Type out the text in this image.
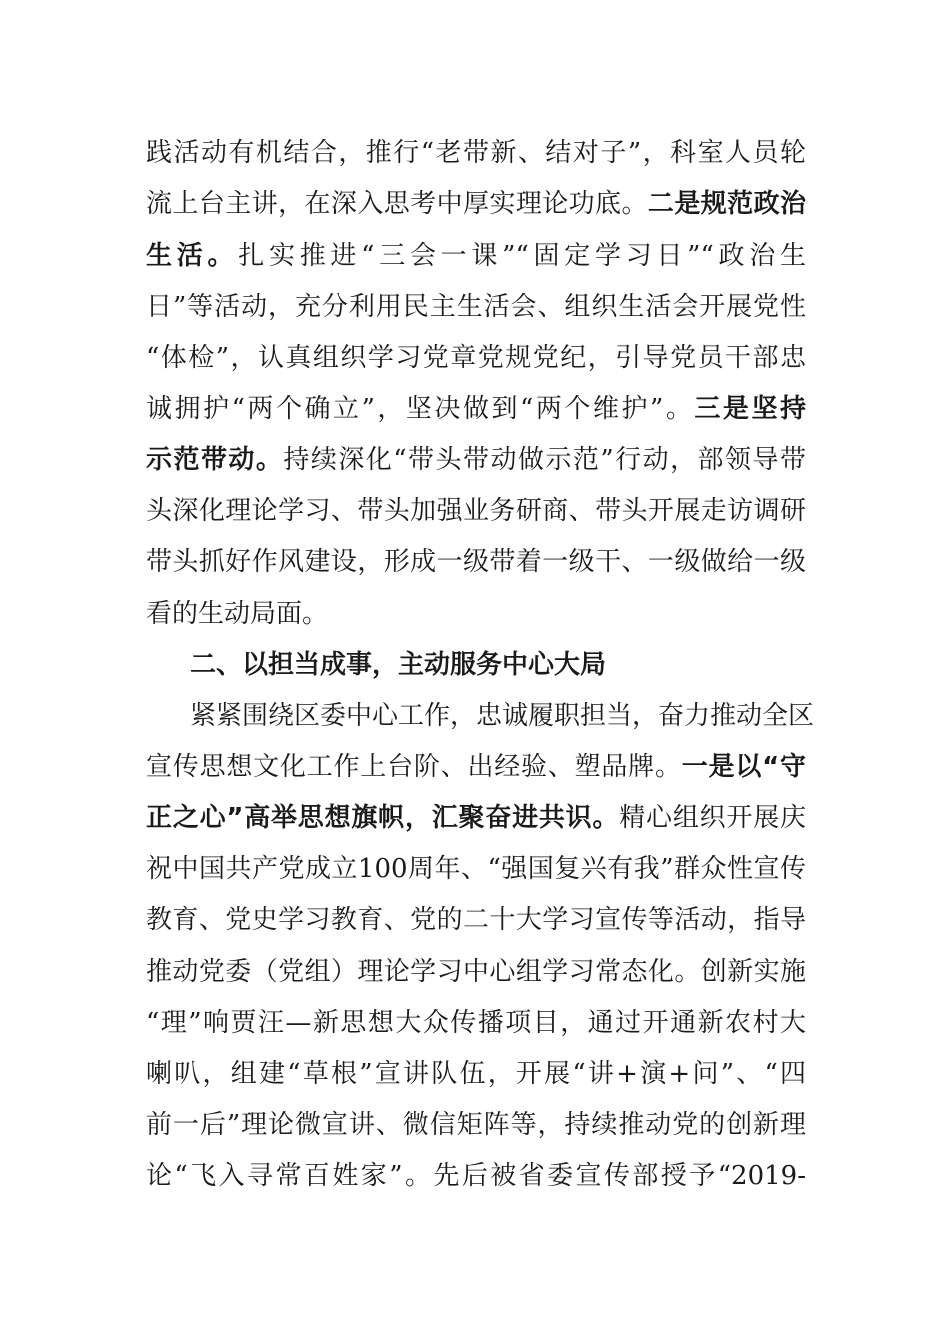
践活动有机结合，推行“老带新、结对子”，科室人员轮
流上台主讲，在深入思考中厚实理论功底。二是规范政治
生活。扎实推进“三会一课”“固定学习日”“政治生
日”等活动，充分利用民主生活会、组织生活会开展党性
“体检”，认真组织学习党章党规党纪，引导党员干部忠
诚拥护“两个确立”，坚决做到“两个维护”。三是坚持
示范带动。持续深化“带头带动做示范”行动，部领导带
头深化理论学习、带头加强业务研商、带头开展走访调研
带头抓好作风建设，形成一级带着一级干、一级做给一级
看的生动局面。
二、以担当成事，主动服务中心大局
紧紧围绕区委中心工作，忠诚履职担当，奋力推动全区
宣传思想文化工作上台阶、出经验、塑品牌。一是以“守
正之心”高举思想旗帜，汇聚奋进共识。精心组织开展庆
祝中国共产党成立100周年、“强国复兴有我”群众性宣传
教育、党史学习教育、党的二十大学习宣传等活动，指导
推动党委（党组）理论学习中心组学习常态化。创新实施
“理”响贾汪—新思想大众传播项目，通过开通新农村大
喇叭，组建“草根”宣讲队伍，开展“讲+演+问”、“四
前一后”理论微宣讲、微信矩阵等，持续推动党的创新理
论“飞入寻常百姓家”。先后被省委宣传部授予“2019-
